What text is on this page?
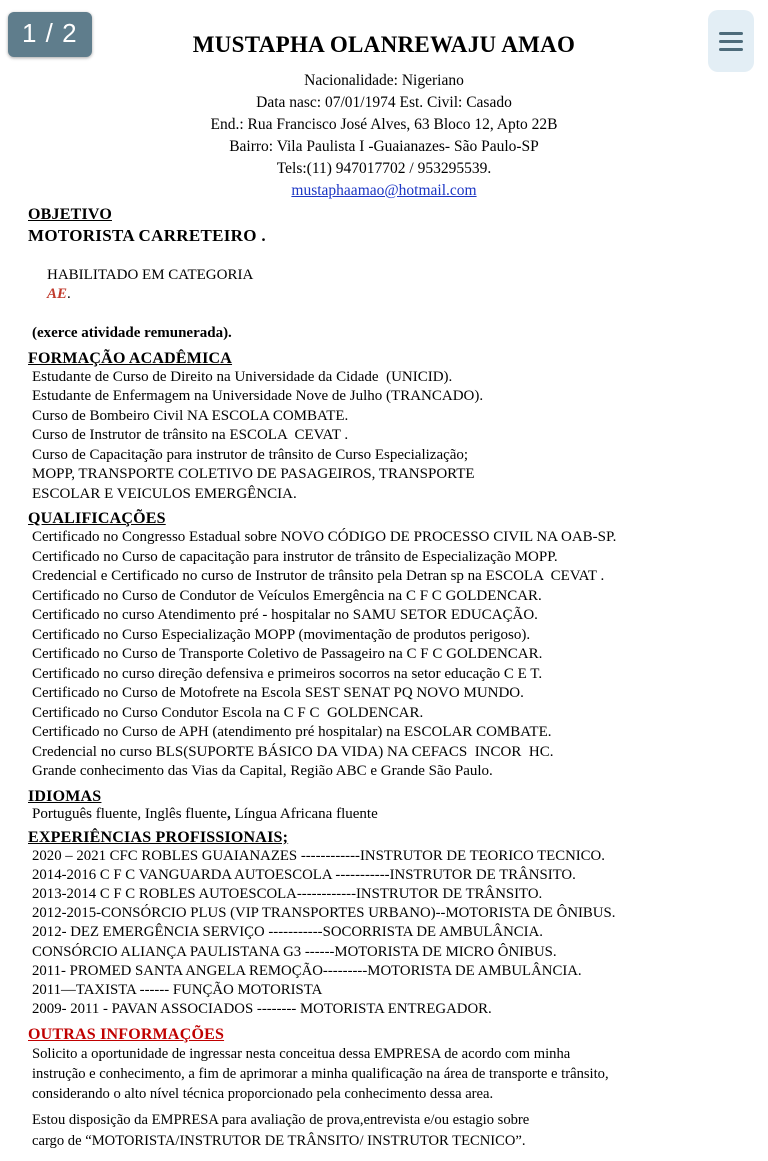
1 / 2	MUSTAPHA OLANREWAJU AMAO
Nacionalidade: Nigeriano
Data nasc: 07/01/1974 Est. Civil: Casado
End.: Rua Francisco José Alves, 63 Bloco 12, Apto 22B
Bairro: Vila Paulista I -Guaianazes- São Paulo-SP
Tels:(11) 947017702 / 953295539.
mustaphaamao@hotmail.com
OBJETIVO
MOTORISTA CARRETEIRO .

HABILITADO EM CATEGORIA
AE.

(exerce atividade remunerada).
FORMAÇÃO ACADÊMICA
Estudante de Curso de Direito na Universidade da Cidade  (UNICID).
Estudante de Enfermagem na Universidade Nove de Julho (TRANCADO).
Curso de Bombeiro Civil NA ESCOLA COMBATE.
Curso de Instrutor de trânsito na ESCOLA  CEVAT .
Curso de Capacitação para instrutor de trânsito de Curso Especialização;
MOPP, TRANSPORTE COLETIVO DE PASAGEIROS, TRANSPORTE
ESCOLAR E VEICULOS EMERGÊNCIA.
QUALIFICAÇÕES
Certificado no Congresso Estadual sobre NOVO CÓDIGO DE PROCESSO CIVIL NA OAB-SP.
Certificado no Curso de capacitação para instrutor de trânsito de Especialização MOPP.
Credencial e Certificado no curso de Instrutor de trânsito pela Detran sp na ESCOLA  CEVAT .
Certificado no Curso de Condutor de Veículos Emergência na C F C GOLDENCAR.
Certificado no curso Atendimento pré - hospitalar no SAMU SETOR EDUCAÇÃO.
Certificado no Curso Especialização MOPP (movimentação de produtos perigoso).
Certificado no Curso de Transporte Coletivo de Passageiro na C F C GOLDENCAR.
Certificado no curso direção defensiva e primeiros socorros na setor educação C E T.
Certificado no Curso de Motofrete na Escola SEST SENAT PQ NOVO MUNDO.
Certificado no Curso Condutor Escola na C F C  GOLDENCAR.
Certificado no Curso de APH (atendimento pré hospitalar) na ESCOLAR COMBATE.
Credencial no curso BLS(SUPORTE BÁSICO DA VIDA) NA CEFACS  INCOR  HC.
Grande conhecimento das Vias da Capital, Região ABC e Grande São Paulo.
IDIOMAS
Português fluente, Inglês fluente, Língua Africana fluente
EXPERIÊNCIAS PROFISSIONAIS;
2020 – 2021 CFC ROBLES GUAIANAZES ------------INSTRUTOR DE TEORICO TECNICO.
2014-2016 C F C VANGUARDA AUTOESCOLA -----------INSTRUTOR DE TRÂNSITO.
2013-2014 C F C ROBLES AUTOESCOLA------------INSTRUTOR DE TRÂNSITO.
2012-2015-CONSÓRCIO PLUS (VIP TRANSPORTES URBANO)--MOTORISTA DE ÔNIBUS.
2012- DEZ EMERGÊNCIA SERVIÇO -----------SOCORRISTA DE AMBULÂNCIA.
CONSÓRCIO ALIANÇA PAULISTANA G3 ------MOTORISTA DE MICRO ÔNIBUS.
2011- PROMED SANTA ANGELA REMOÇÃO---------MOTORISTA DE AMBULÂNCIA.
2011—TAXISTA ------ FUNÇÃO MOTORISTA
2009- 2011 - PAVAN ASSOCIADOS -------- MOTORISTA ENTREGADOR.
OUTRAS INFORMAÇÕES
Solicito a oportunidade de ingressar nesta conceitua dessa EMPRESA de acordo com minha
instrução e conhecimento, a fim de aprimorar a minha qualificação na área de transporte e trânsito,
considerando o alto nível técnica proporcionado pela conhecimento dessa area.
Estou disposição da EMPRESA para avaliação de prova,entrevista e/ou estagio sobre
cargo de “MOTORISTA/INSTRUTOR DE TRÂNSITO/ INSTRUTOR TECNICO”.
